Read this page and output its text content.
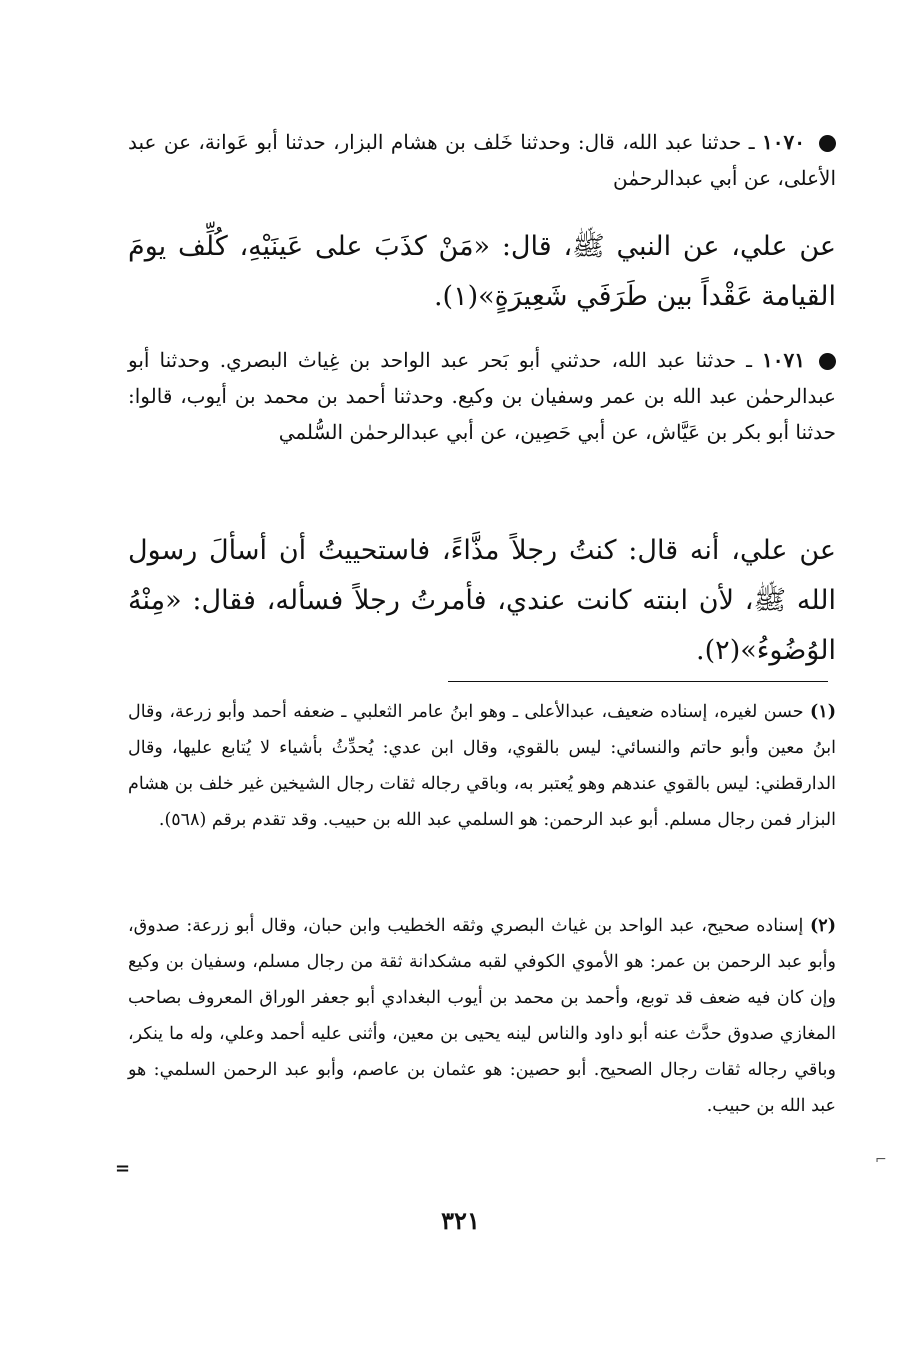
١٠٧٠ ـ حدثنا عبد الله، قال: وحدثنا خَلف بن هشام البزار، حدثنا أبو عَوانة، عن عبد الأعلى، عن أبي عبدالرحمٰن
عن علي، عن النبي ﷺ، قال: «مَنْ كذَبَ على عَينَيْهِ، كُلِّف يومَ القيامة عَقْداً بين طَرَفَي شَعِيرَةٍ»(١).
١٠٧١ ـ حدثنا عبد الله، حدثني أبو بَحر عبد الواحد بن غِياث البصري. وحدثنا أبو عبدالرحمٰن عبد الله بن عمر وسفيان بن وكيع. وحدثنا أحمد بن محمد بن أيوب، قالوا: حدثنا أبو بكر بن عَيَّاش، عن أبي حَصِين، عن أبي عبدالرحمٰن السُّلمي
عن علي، أنه قال: كنتُ رجلاً مذَّاءً، فاستحييتُ أن أسألَ رسول الله ﷺ، لأن ابنته كانت عندي، فأمرتُ رجلاً فسأله، فقال: «مِنْهُ الوُضُوءُ»(٢).
(١) حسن لغيره، إسناده ضعيف، عبدالأعلى ـ وهو ابنُ عامر الثعلبي ـ ضعفه أحمد وأبو زرعة، وقال ابنُ معين وأبو حاتم والنسائي: ليس بالقوي، وقال ابن عدي: يُحدِّثُ بأشياء لا يُتابع عليها، وقال الدارقطني: ليس بالقوي عندهم وهو يُعتبر به، وباقي رجاله ثقات رجال الشيخين غير خلف بن هشام البزار فمن رجال مسلم. أبو عبد الرحمن: هو السلمي عبد الله بن حبيب. وقد تقدم برقم (٥٦٨).
(٢) إسناده صحيح، عبد الواحد بن غياث البصري وثقه الخطيب وابن حبان، وقال أبو زرعة: صدوق، وأبو عبد الرحمن بن عمر: هو الأموي الكوفي لقبه مشكدانة ثقة من رجال مسلم، وسفيان بن وكيع وإن كان فيه ضعف قد توبع، وأحمد بن محمد بن أيوب البغدادي أبو جعفر الوراق المعروف بصاحب المغازي صدوق حدَّث عنه أبو داود والناس لينه يحيى بن معين، وأثنى عليه أحمد وعلي، وله ما ينكر، وباقي رجاله ثقات رجال الصحيح. أبو حصين: هو عثمان بن عاصم، وأبو عبد الرحمن السلمي: هو عبد الله بن حبيب.
=	⌐
٣٢١
